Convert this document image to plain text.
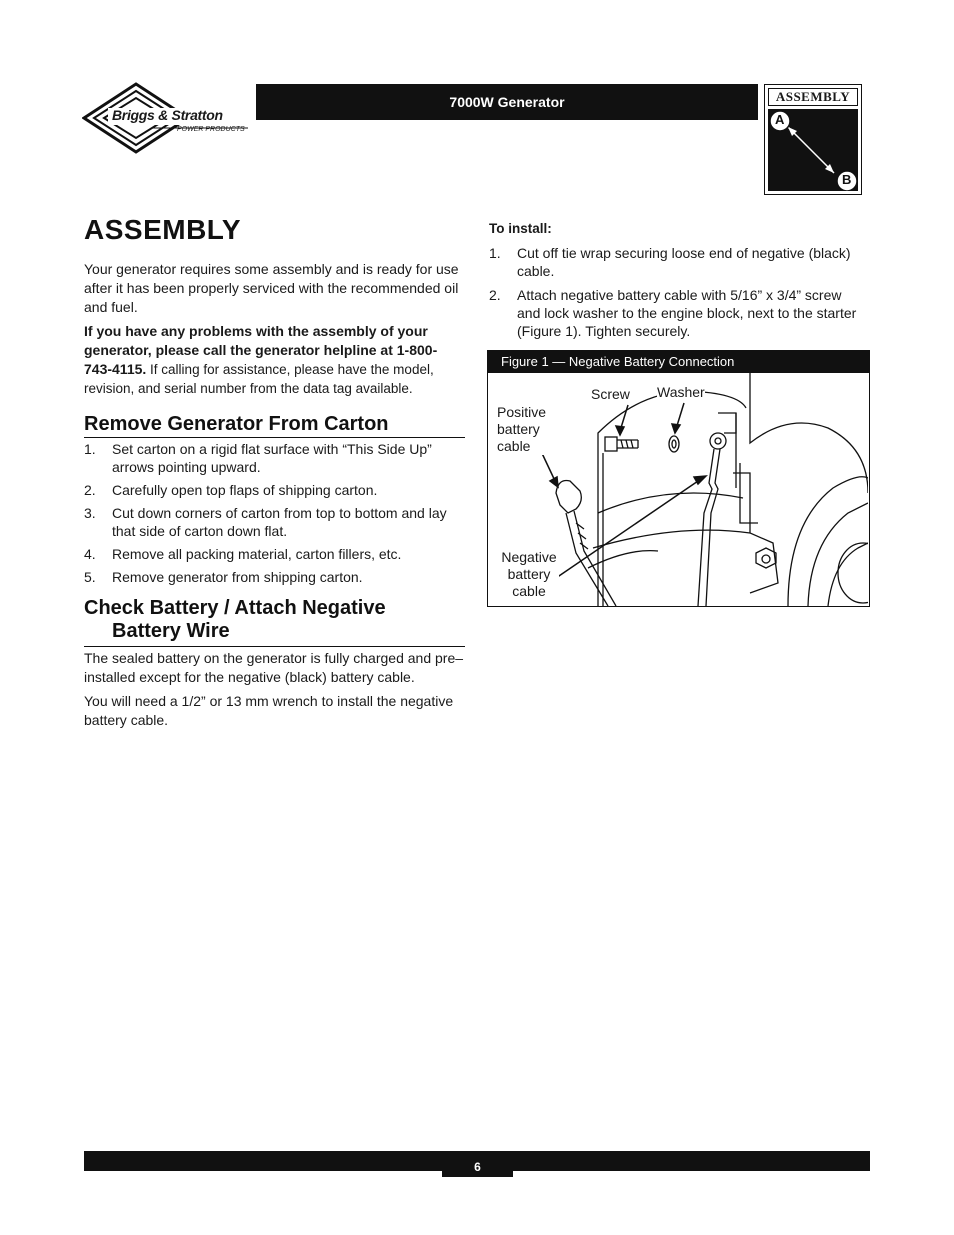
Briggs & Stratton
POWER PRODUCTS
7000W Generator	ASSEMBLY
A
B
ASSEMBLY

Your generator requires some assembly and is ready for use after it has been properly serviced with the recommended oil and fuel.

If you have any problems with the assembly of your generator, please call the generator helpline at 1-800-743-4115. If calling for assistance, please have the model, revision, and serial number from the data tag available.

Remove Generator From Carton
1. Set carton on a rigid flat surface with “This Side Up” arrows pointing upward.
2. Carefully open top flaps of shipping carton.
3. Cut down corners of carton from top to bottom and lay that side of carton down flat.
4. Remove all packing material, carton fillers, etc.
5. Remove generator from shipping carton.
Check Battery / Attach Negative
Battery Wire

The sealed battery on the generator is fully charged and pre–installed except for the negative (black) battery cable.

You will need a 1/2” or 13 mm wrench to install the negative battery cable.

To install:
1. Cut off tie wrap securing loose end of negative (black) cable.
2. Attach negative battery cable with 5/16” x 3/4” screw and lock washer to the engine block, next to the starter (Figure 1). Tighten securely.
Figure 1 — Negative Battery Connection
Screw Washer
Positive battery cable
Negative battery cable
6
